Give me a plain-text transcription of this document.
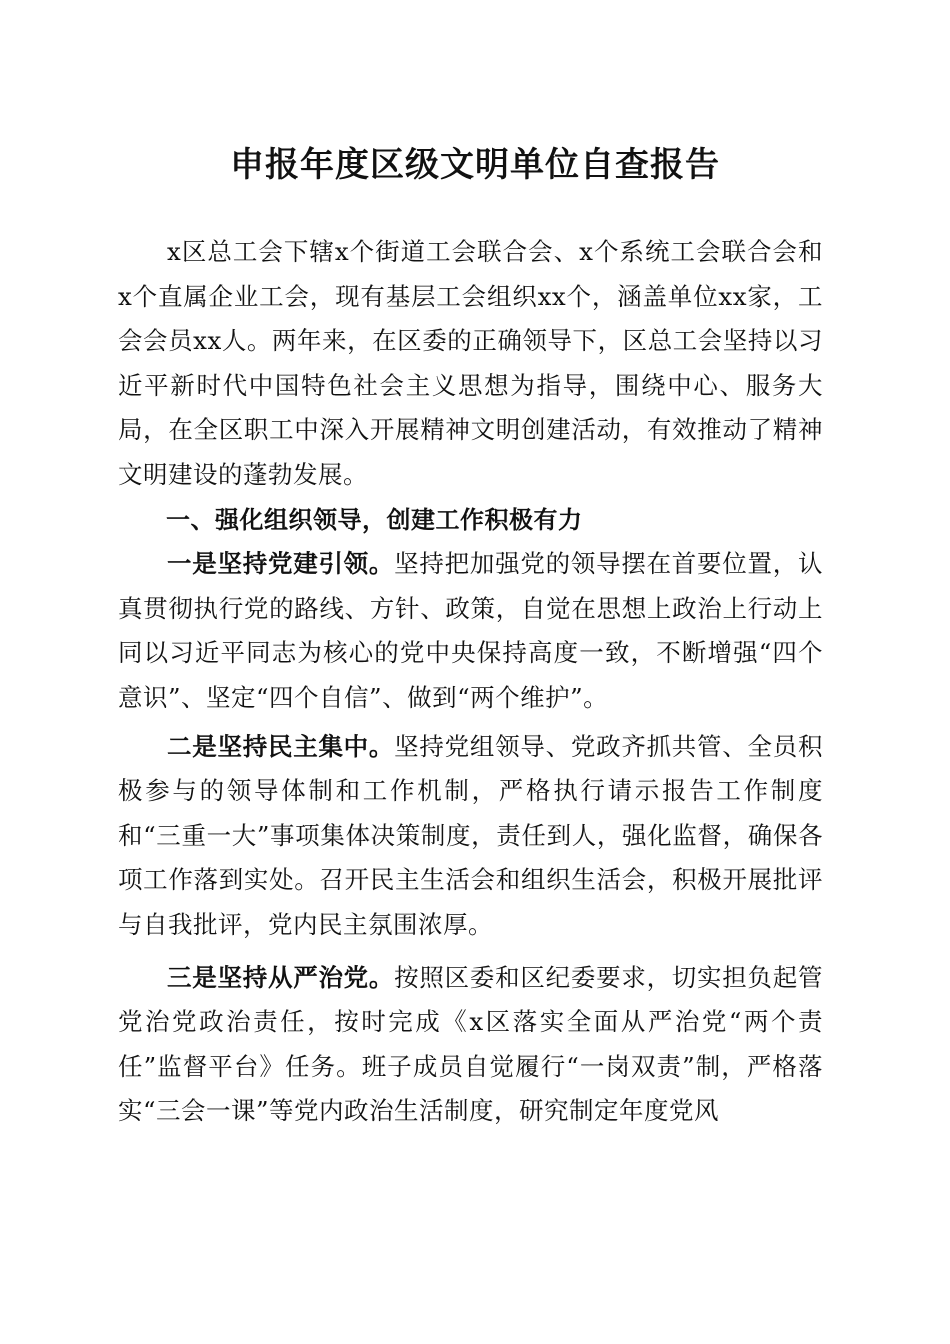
申报年度区级文明单位自查报告

x区总工会下辖x个街道工会联合会、x个系统工会联合会和x个直属企业工会，现有基层工会组织xx个，涵盖单位xx家，工会会员xx人。两年来，在区委的正确领导下，区总工会坚持以习近平新时代中国特色社会主义思想为指导，围绕中心、服务大局，在全区职工中深入开展精神文明创建活动，有效推动了精神文明建设的蓬勃发展。

一、强化组织领导，创建工作积极有力

一是坚持党建引领。坚持把加强党的领导摆在首要位置，认真贯彻执行党的路线、方针、政策，自觉在思想上政治上行动上同以习近平同志为核心的党中央保持高度一致，不断增强“四个意识”、坚定“四个自信”、做到“两个维护”。

二是坚持民主集中。坚持党组领导、党政齐抓共管、全员积极参与的领导体制和工作机制，严格执行请示报告工作制度和“三重一大”事项集体决策制度，责任到人，强化监督，确保各项工作落到实处。召开民主生活会和组织生活会，积极开展批评与自我批评，党内民主氛围浓厚。

三是坚持从严治党。按照区委和区纪委要求，切实担负起管党治党政治责任，按时完成《x区落实全面从严治党“两个责任”监督平台》任务。班子成员自觉履行“一岗双责”制，严格落实“三会一课”等党内政治生活制度，研究制定年度党风
